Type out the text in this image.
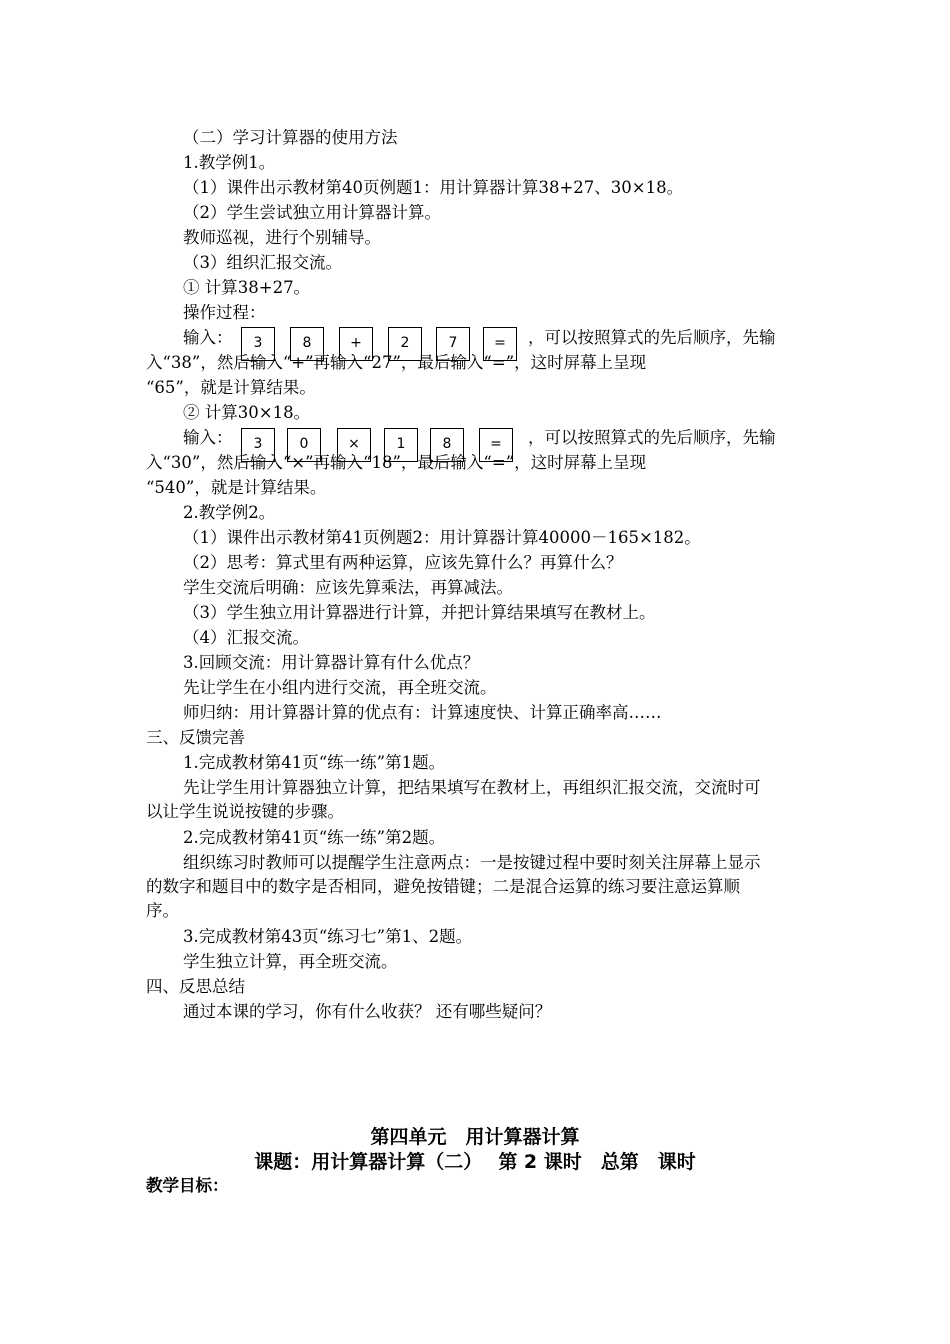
（二）学习计算器的使用方法
1.教学例1。
（1）课件出示教材第40页例题1：用计算器计算38+27、30×18。
（2）学生尝试独立用计算器计算。
教师巡视，进行个别辅导。
（3）组织汇报交流。
① 计算38+27。
操作过程：
输入：	3	8	+	2	7	=	，可以按照算式的先后顺序，先输
入“38”，然后输入“+”再输入“27”，最后输入“=”，这时屏幕上呈现
“65”，就是计算结果。
② 计算30×18。
输入：	3	0	×	1	8	=	，可以按照算式的先后顺序，先输
入“30”，然后输入“×”再输入“18”，最后输入“=”，这时屏幕上呈现
“540”，就是计算结果。
2.教学例2。
（1）课件出示教材第41页例题2：用计算器计算40000－165×182。
（2）思考：算式里有两种运算，应该先算什么？再算什么？
学生交流后明确：应该先算乘法，再算减法。
（3）学生独立用计算器进行计算，并把计算结果填写在教材上。
（4）汇报交流。
3.回顾交流：用计算器计算有什么优点？
先让学生在小组内进行交流，再全班交流。
师归纳：用计算器计算的优点有：计算速度快、计算正确率高……
三、反馈完善
1.完成教材第41页“练一练”第1题。
先让学生用计算器独立计算，把结果填写在教材上，再组织汇报交流，交流时可以让学生说说按键的步骤。
2.完成教材第41页“练一练”第2题。
组织练习时教师可以提醒学生注意两点：一是按键过程中要时刻关注屏幕上显示的数字和题目中的数字是否相同，避免按错键；二是混合运算的练习要注意运算顺序。
3.完成教材第43页“练习七”第1、2题。
学生独立计算，再全班交流。
四、反思总结
通过本课的学习，你有什么收获？ 还有哪些疑问？
第四单元　用计算器计算
课题：用计算器计算（二）　 第 2 课时　总第　课时
教学目标：
